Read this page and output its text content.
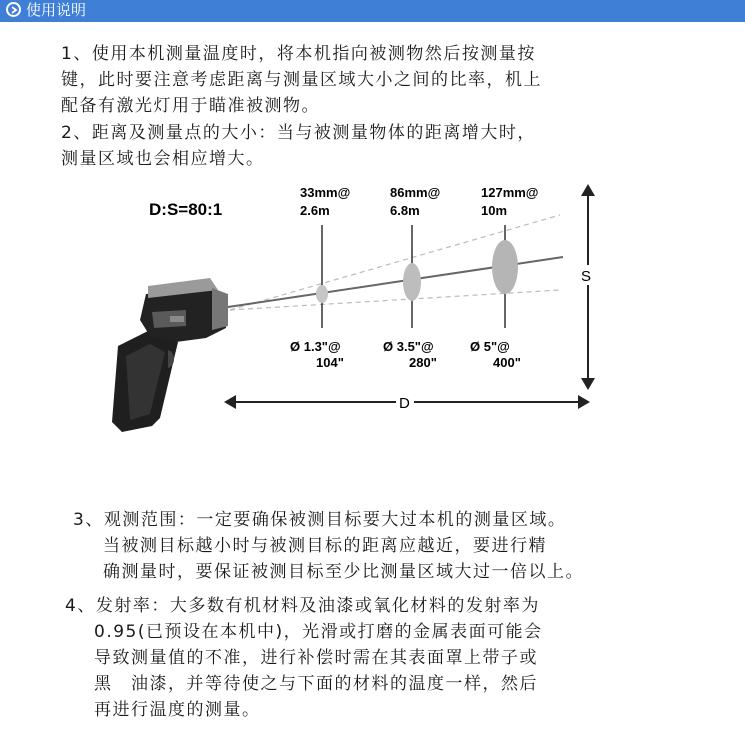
使用说明
1、使用本机测量温度时，将本机指向被测物然后按测量按
键，此时要注意考虑距离与测量区域大小之间的比率，机上
配备有激光灯用于瞄准被测物。
2、距离及测量点的大小：当与被测量物体的距离增大时，
测量区域也会相应增大。
D:S=80:1
33mm@
2.6m
86mm@
6.8m
127mm@
10m
Ø 1.3"@
104"
Ø 3.5"@
280"
Ø 5"@
400"
S
D
3、观测范围：一定要确保被测目标要大过本机的测量区域。
当被测目标越小时与被测目标的距离应越近，要进行精
确测量时，要保证被测目标至少比测量区域大过一倍以上。
4、发射率：大多数有机材料及油漆或氧化材料的发射率为
0.95(已预设在本机中)，光滑或打磨的金属表面可能会
导致测量值的不准，进行补偿时需在其表面罩上带子或
黑　油漆，并等待使之与下面的材料的温度一样，然后
再进行温度的测量。
